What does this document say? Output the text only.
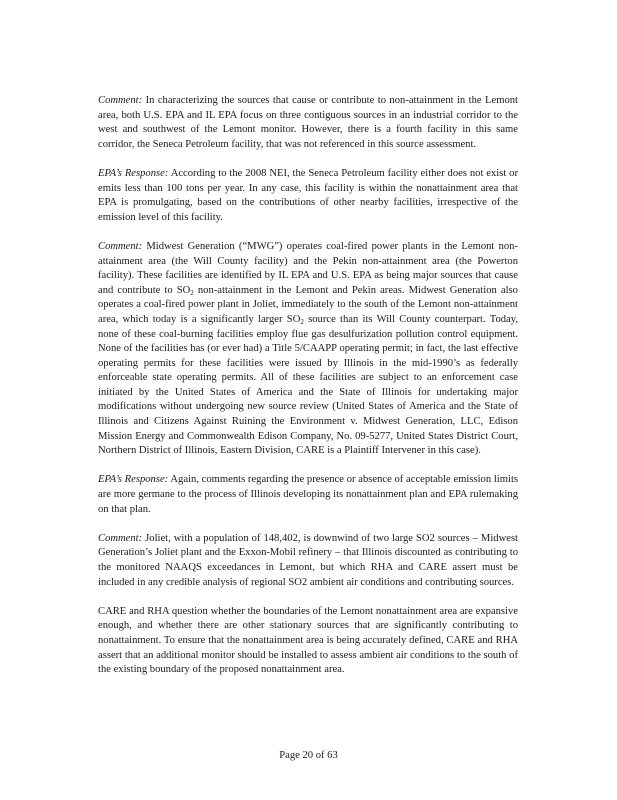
Comment: In characterizing the sources that cause or contribute to non-attainment in the Lemont area, both U.S. EPA and IL EPA focus on three contiguous sources in an industrial corridor to the west and southwest of the Lemont monitor. However, there is a fourth facility in this same corridor, the Seneca Petroleum facility, that was not referenced in this source assessment.

EPA’s Response: According to the 2008 NEI, the Seneca Petroleum facility either does not exist or emits less than 100 tons per year. In any case, this facility is within the nonattainment area that EPA is promulgating, based on the contributions of other nearby facilities, irrespective of the emission level of this facility.

Comment: Midwest Generation (“MWG”) operates coal-fired power plants in the Lemont non-attainment area (the Will County facility) and the Pekin non-attainment area (the Powerton facility). These facilities are identified by IL EPA and U.S. EPA as being major sources that cause and contribute to $SO_2$ non-attainment in the Lemont and Pekin areas. Midwest Generation also operates a coal-fired power plant in Joliet, immediately to the south of the Lemont non-attainment area, which today is a significantly larger $SO_2$ source than its Will County counterpart. Today, none of these coal-burning facilities employ flue gas desulfurization pollution control equipment. None of the facilities has (or ever had) a Title 5/CAAPP operating permit; in fact, the last effective operating permits for these facilities were issued by Illinois in the mid-1990’s as federally enforceable state operating permits. All of these facilities are subject to an enforcement case initiated by the United States of America and the State of Illinois for undertaking major modifications without undergoing new source review (United States of America and the State of Illinois and Citizens Against Ruining the Environment v. Midwest Generation, LLC, Edison Mission Energy and Commonwealth Edison Company, No. 09-5277, United States District Court, Northern District of Illinois, Eastern Division, CARE is a Plaintiff Intervener in this case).

EPA’s Response: Again, comments regarding the presence or absence of acceptable emission limits are more germane to the process of Illinois developing its nonattainment plan and EPA rulemaking on that plan.

Comment: Joliet, with a population of 148,402, is downwind of two large SO2 sources – Midwest Generation’s Joliet plant and the Exxon-Mobil refinery – that Illinois discounted as contributing to the monitored NAAQS exceedances in Lemont, but which RHA and CARE assert must be included in any credible analysis of regional SO2 ambient air conditions and contributing sources.

CARE and RHA question whether the boundaries of the Lemont nonattainment area are expansive enough, and whether there are other stationary sources that are significantly contributing to nonattainment. To ensure that the nonattainment area is being accurately defined, CARE and RHA assert that an additional monitor should be installed to assess ambient air conditions to the south of the existing boundary of the proposed nonattainment area.

Page 20 of 63
